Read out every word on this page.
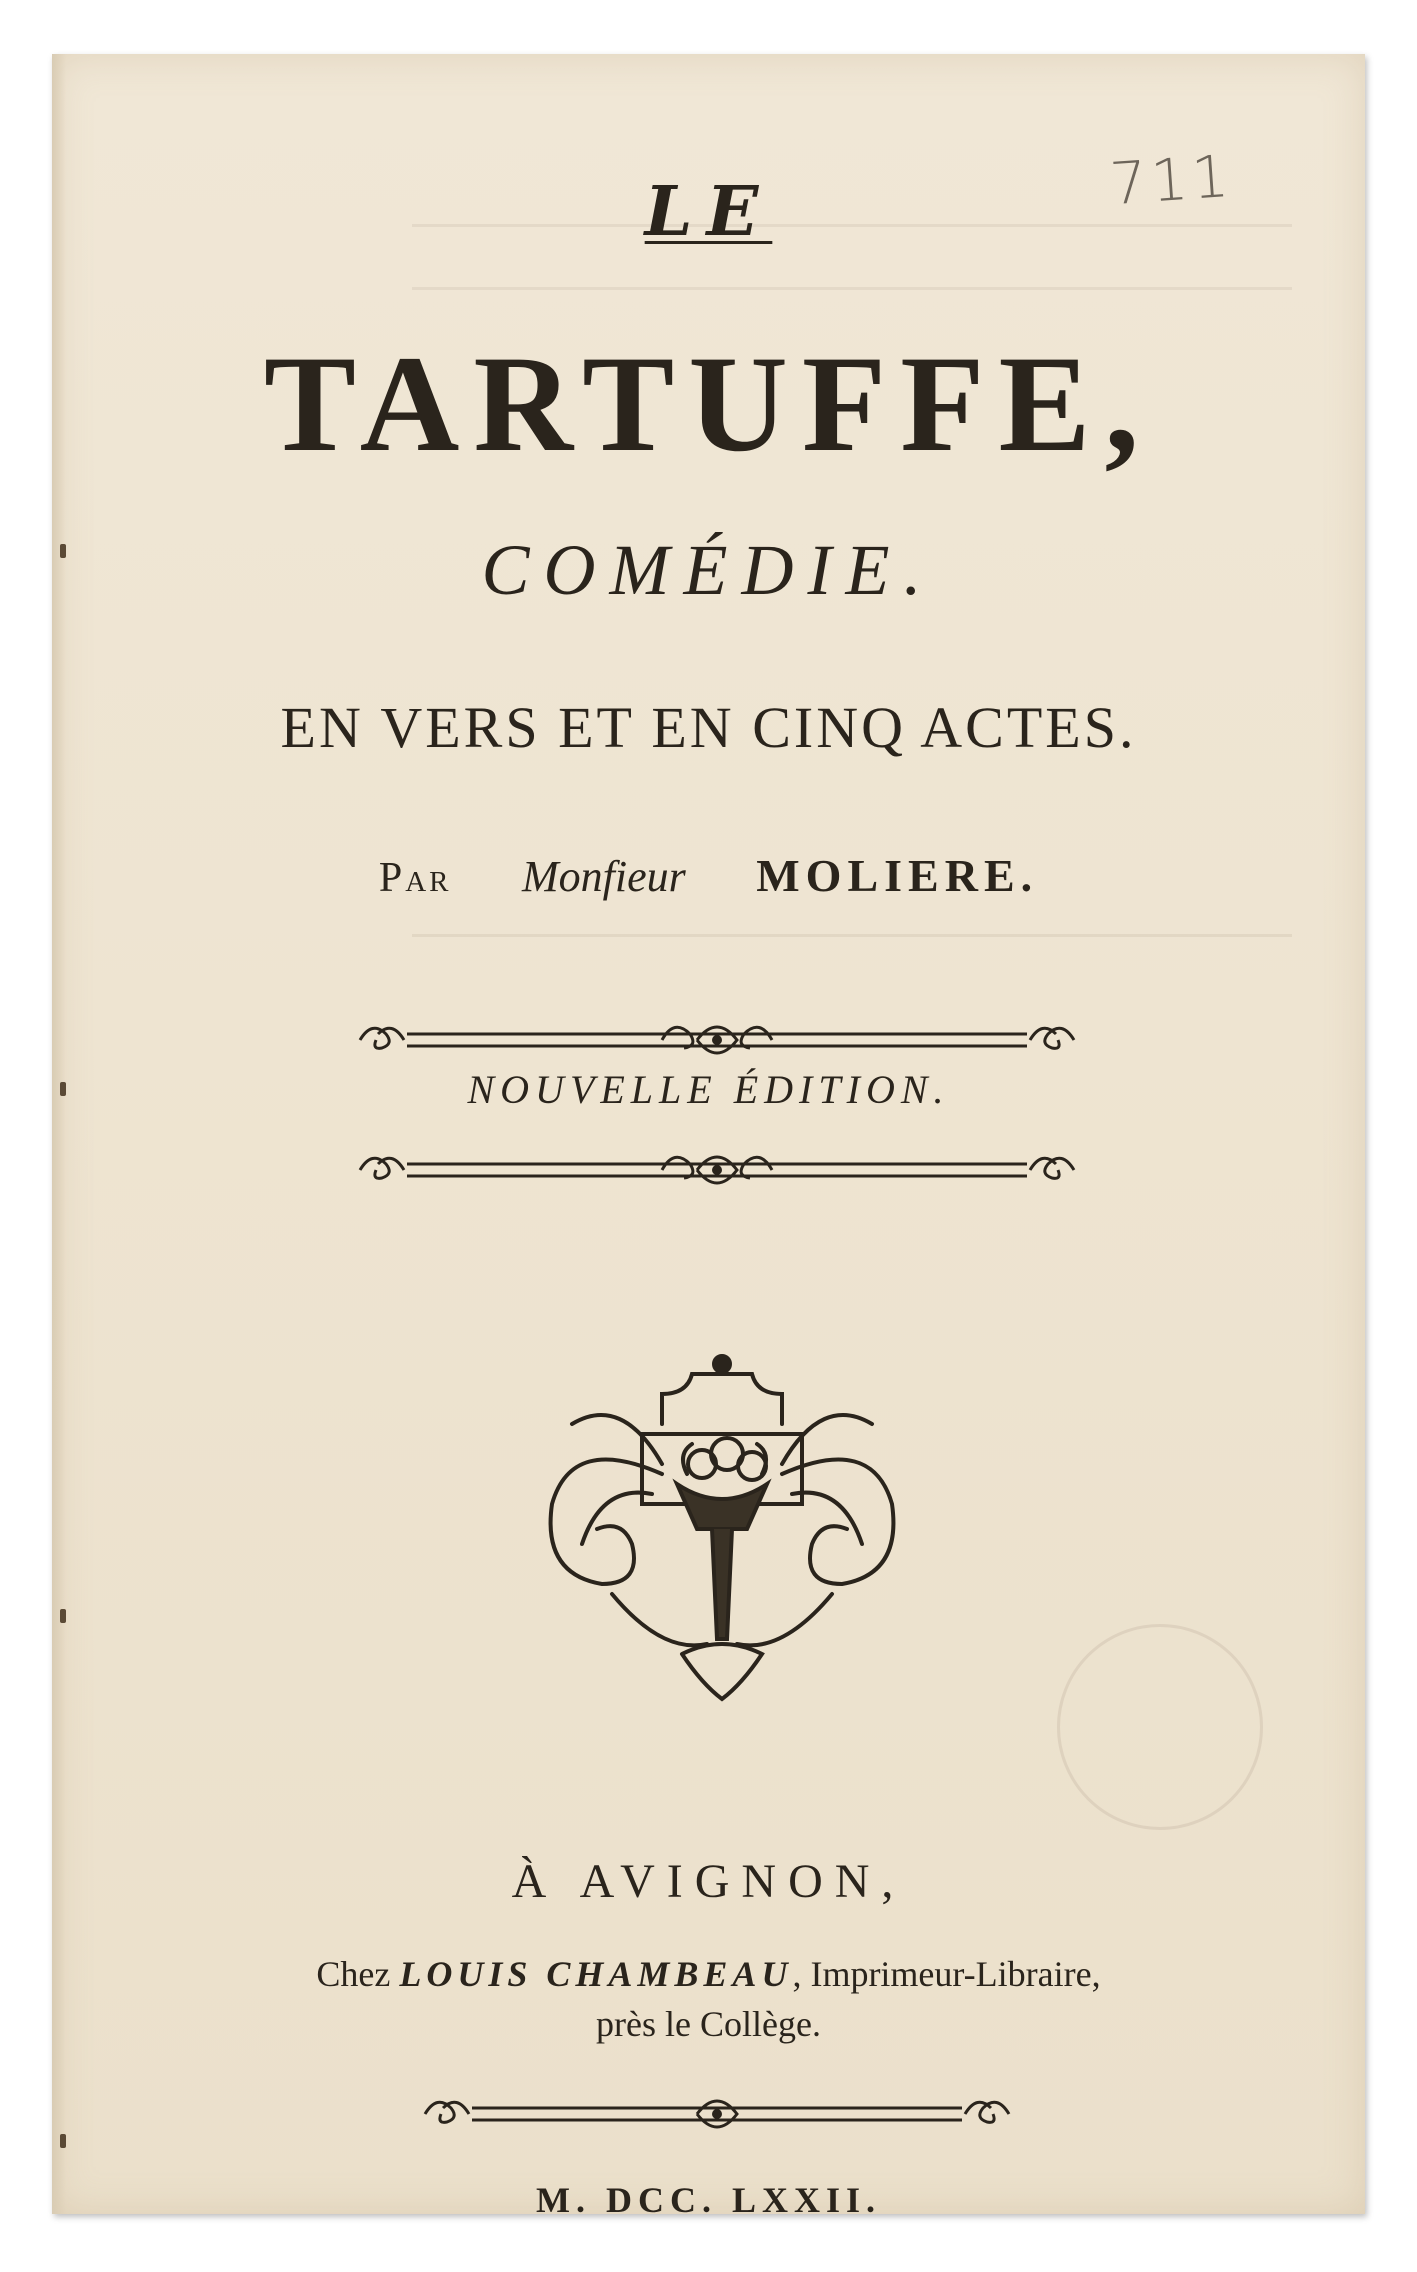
711
LE
TARTUFFE,
COMÉDIE.
EN VERS ET EN CINQ ACTES.
Par Monfieur MOLIERE.
NOUVELLE ÉDITION.
À AVIGNON,
Chez LOUIS CHAMBEAU, Imprimeur-Libraire,
près le Collège.
M. DCC. LXXII.
